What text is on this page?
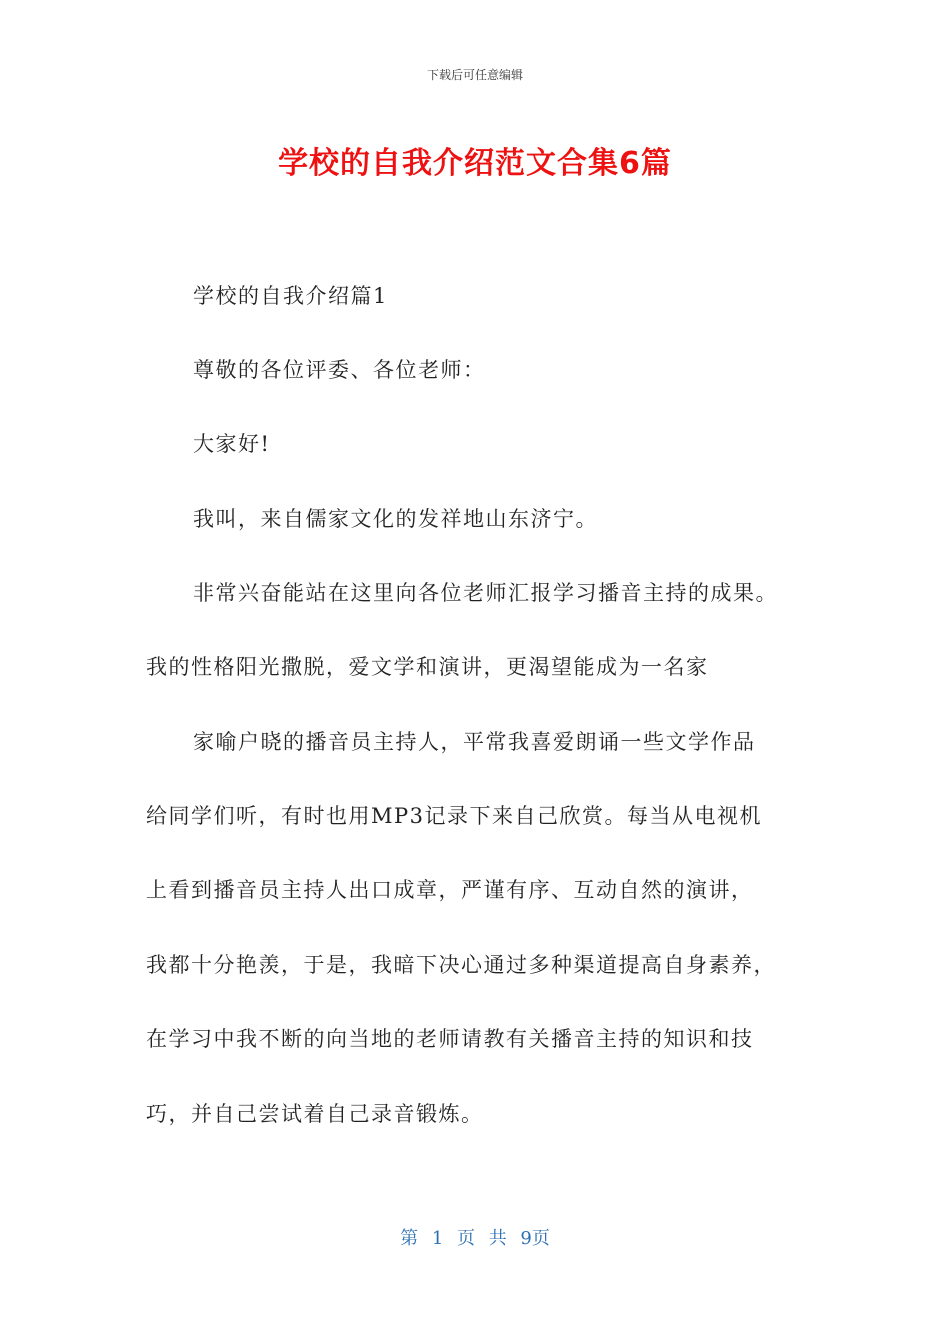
下载后可任意编辑
学校的自我介绍范文合集6篇
学校的自我介绍篇1
尊敬的各位评委、各位老师：
大家好!
我叫，来自儒家文化的发祥地山东济宁。
非常兴奋能站在这里向各位老师汇报学习播音主持的成果。
我的性格阳光撒脱，爱文学和演讲，更渴望能成为一名家
家喻户晓的播音员主持人，平常我喜爱朗诵一些文学作品
给同学们听，有时也用MP3记录下来自己欣赏。每当从电视机
上看到播音员主持人出口成章，严谨有序、互动自然的演讲，
我都十分艳羡，于是，我暗下决心通过多种渠道提高自身素养，
在学习中我不断的向当地的老师请教有关播音主持的知识和技
巧，并自己尝试着自己录音锻炼。
第 1 页 共 9页
